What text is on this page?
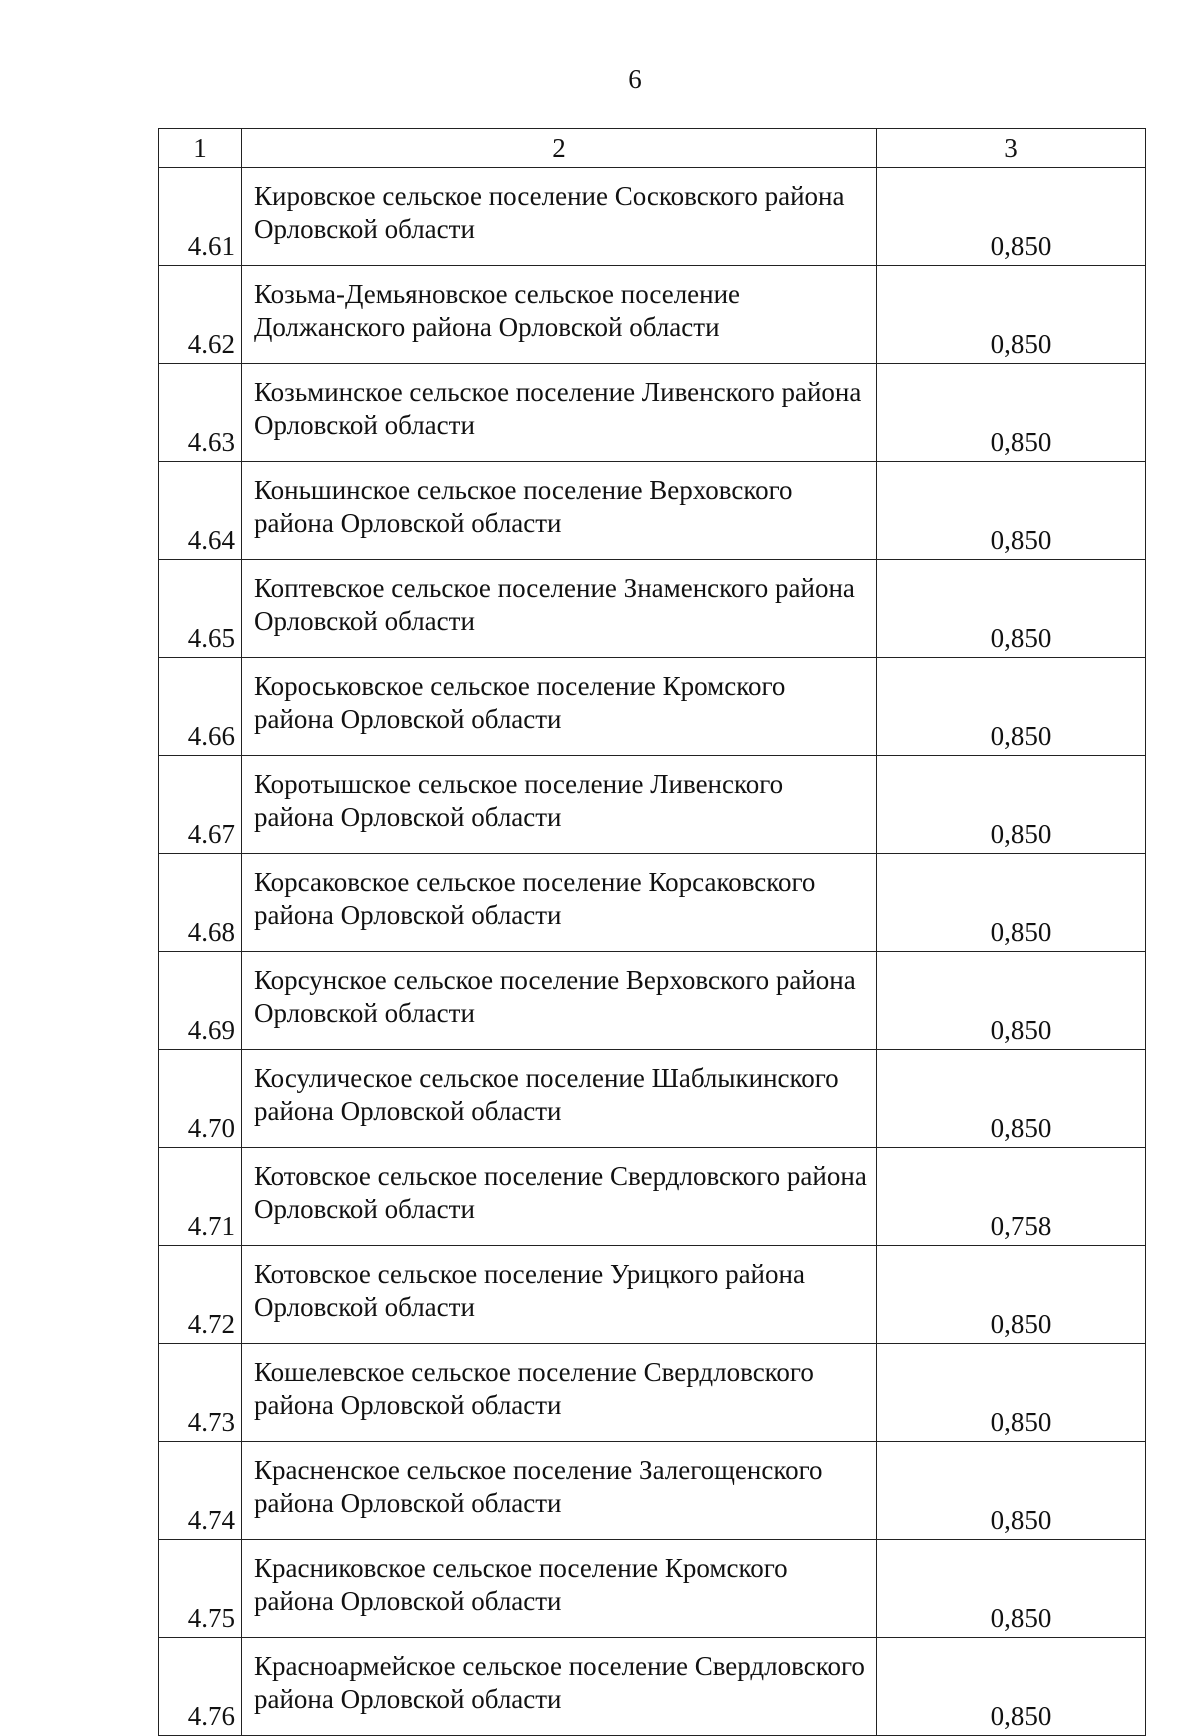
6
1	2	3
4.61	Кировское сельское поселение Сосковского района Орловской области	0,850
4.62	Козьма-Демьяновское сельское поселение Должанского района Орловской области	0,850
4.63	Козьминское сельское поселение Ливенского района Орловской области	0,850
4.64	Коньшинское сельское поселение Верховского района Орловской области	0,850
4.65	Коптевское сельское поселение Знаменского района Орловской области	0,850
4.66	Короськовское сельское поселение Кромского района Орловской области	0,850
4.67	Коротышское сельское поселение Ливенского района Орловской области	0,850
4.68	Корсаковское сельское поселение Корсаковского района Орловской области	0,850
4.69	Корсунское сельское поселение Верховского района Орловской области	0,850
4.70	Косулическое сельское поселение Шаблыкинского района Орловской области	0,850
4.71	Котовское сельское поселение Свердловского района Орловской области	0,758
4.72	Котовское сельское поселение Урицкого района Орловской области	0,850
4.73	Кошелевское сельское поселение Свердловского района Орловской области	0,850
4.74	Красненское сельское поселение Залегощенского района Орловской области	0,850
4.75	Красниковское сельское поселение Кромского района Орловской области	0,850
4.76	Красноармейское сельское поселение Свердловского района Орловской области	0,850
